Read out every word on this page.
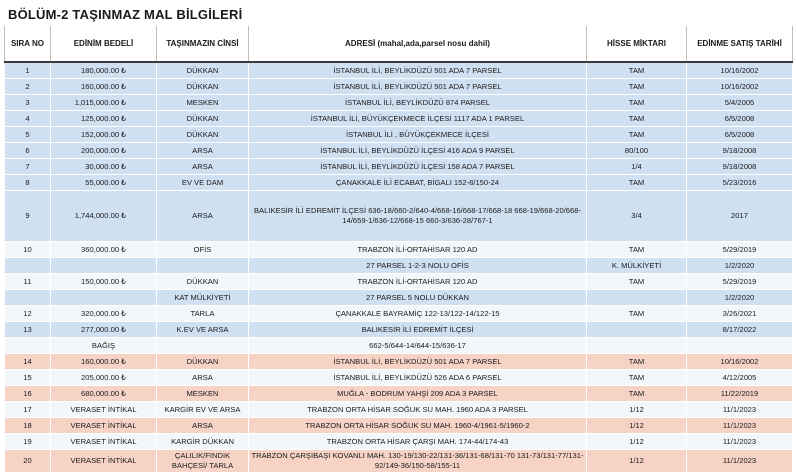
BÖLÜM-2 TAŞINMAZ MAL BİLGİLERİ
SIRA NO	EDİNİM BEDELİ	TAŞINMAZIN CİNSİ	ADRESİ (mahal,ada,parsel nosu dahil)	HİSSE MİKTARI	EDİNME SATIŞ TARİHİ
1	180,000.00 ₺	DÜKKAN	İSTANBUL İLİ, BEYLİKDÜZÜ 501 ADA 7 PARSEL	TAM	10/16/2002
2	160,000.00 ₺	DÜKKAN	İSTANBUL İLİ, BEYLİKDÜZÜ 501 ADA 7 PARSEL	TAM	10/16/2002
3	1,015,000.00 ₺	MESKEN	İSTANBUL İLİ, BEYLİKDÜZÜ 874 PARSEL	TAM	5/4/2005
4	125,000.00 ₺	DÜKKAN	İSTANBUL İLİ, BÜYÜKÇEKMECE İLÇESİ 1117 ADA 1 PARSEL	TAM	6/5/2008
5	152,000.00 ₺	DÜKKAN	İSTANBUL İLİ , BÜYÜKÇEKMECE İLÇESİ	TAM	6/5/2008
6	200,000.00 ₺	ARSA	İSTANBUL İLİ, BEYLİKDÜZÜ İLÇESİ 416 ADA 9 PARSEL	80/100	9/18/2008
7	30,000.00 ₺	ARSA	İSTANBUL İLİ, BEYLİKDÜZÜ İLÇESİ 158 ADA 7 PARSEL	1/4	9/18/2008
8	55,000.00 ₺	EV VE DAM	ÇANAKKALE İLİ ECABAT, BİGALI 152-8/150-24	TAM	5/23/2016
9	1,744,000.00 ₺	ARSA	BALIKESİR İLİ EDREMİT İLÇESİ 636-18/660-2/640-4/668-16/668-17/668-18 668-19/668-20/668-14/659-1/636-12/668-15 660-3/636-28/767-1	3/4	2017
10	360,000.00 ₺	OFİS	TRABZON İLİ-ORTAHİSAR 120 AD	TAM	5/29/2019
			27 PARSEL 1-2-3 NOLU OFİS	K. MÜLKİYETİ	1/2/2020
11	150,000.00 ₺	DÜKKAN	TRABZON İLİ-ORTAHİSAR 120 AD	TAM	5/29/2019
		KAT MÜLKİYETİ	27 PARSEL 5 NOLU DÜKKAN		1/2/2020
12	320,000.00 ₺	TARLA	ÇANAKKALE BAYRAMİÇ 122-13/122-14/122-15	TAM	3/26/2021
13	277,000.00 ₺	K.EV VE ARSA	BALIKESİR İLİ EDREMİT İLÇESİ		8/17/2022
	BAĞIŞ		662-5/644-14/644-15/636-17		
14	160,000.00 ₺	DÜKKAN	İSTANBUL İLİ, BEYLİKDÜZÜ 501 ADA 7 PARSEL	TAM	10/16/2002
15	205,000.00 ₺	ARSA	İSTANBUL İLİ, BEYLİKDÜZÜ 526 ADA 6 PARSEL	TAM	4/12/2005
16	680,000.00 ₺	MESKEN	MUĞLA - BODRUM YAHŞİ 209 ADA 3 PARSEL	TAM	11/22/2019
17	VERASET İNTİKAL	KARGİR EV VE ARSA	TRABZON ORTA HİSAR SOĞUK SU MAH. 1960 ADA 3 PARSEL	1/12	11/1/2023
18	VERASET İNTİKAL	ARSA	TRABZON ORTA HİSAR SOĞUK SU MAH. 1960-4/1961-5/1960-2	1/12	11/1/2023
19	VERASET İNTİKAL	KARGİR DÜKKAN	TRABZON ORTA HİSAR ÇARŞI MAH. 174-44/174-43	1/12	11/1/2023
20	VERASET İNTİKAL	ÇALILIK/FINDIK BAHÇESİ/ TARLA	TRABZON ÇARŞIBAŞI KOVANLI MAH. 130-19/130-22/131-36/131-68/131-70 131-73/131-77/131-92/149-36/150-58/155-11	1/12	11/1/2023
